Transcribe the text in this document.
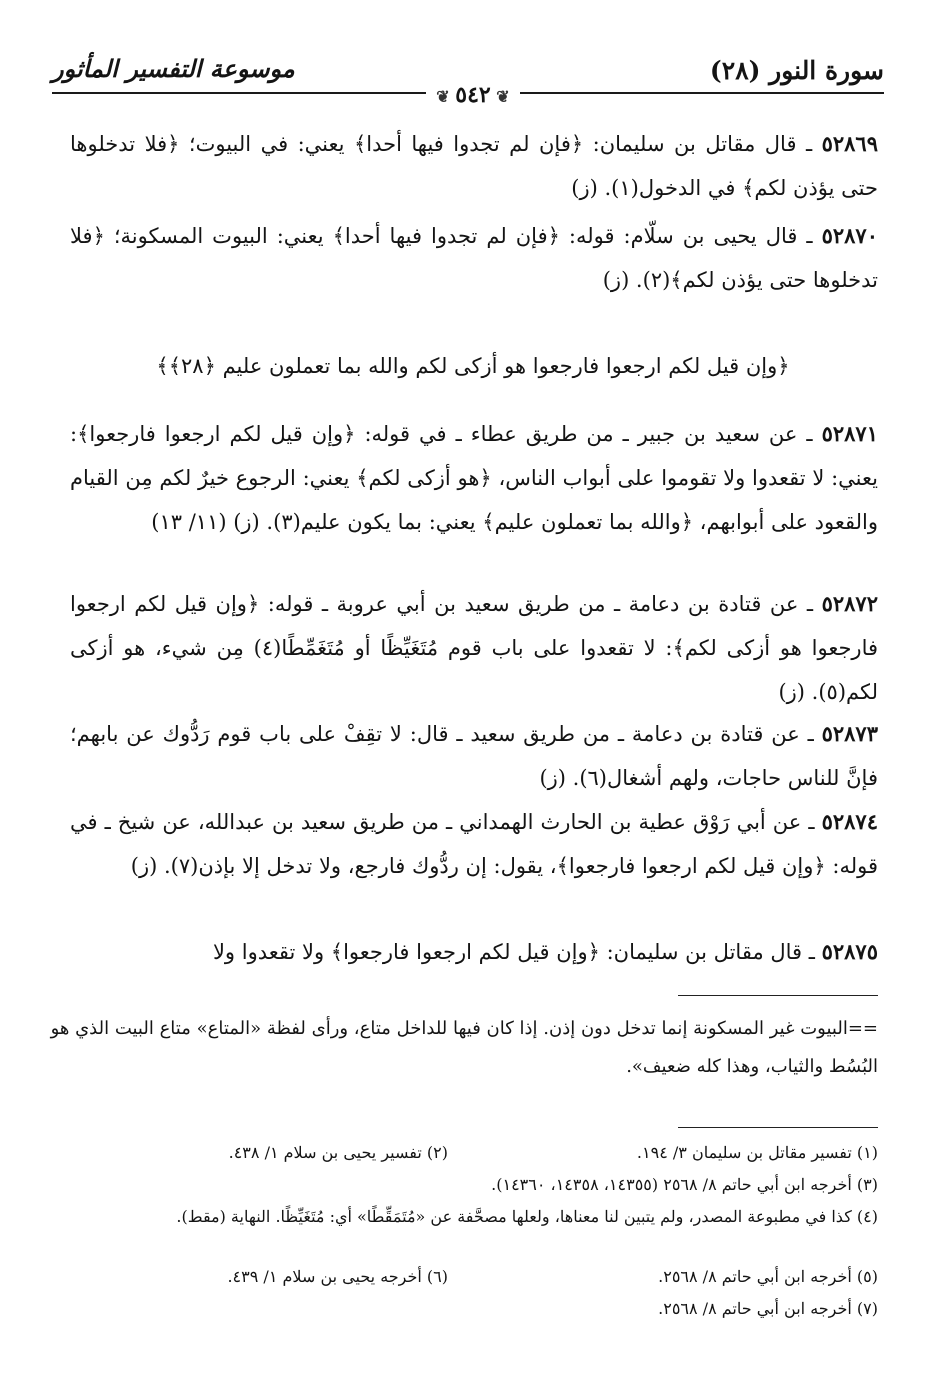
سورة النور (٢٨)
موسوعة التفسير المأثور
❦ ٥٤٢ ❦
٥٢٨٦٩ ـ قال مقاتل بن سليمان: ﴿فإن لم تجدوا فيها أحدا﴾ يعني: في البيوت؛ ﴿فلا تدخلوها حتى يؤذن لكم﴾ في الدخول(١). (ز)
٥٢٨٧٠ ـ قال يحيى بن سلّام: قوله: ﴿فإن لم تجدوا فيها أحدا﴾ يعني: البيوت المسكونة؛ ﴿فلا تدخلوها حتى يؤذن لكم﴾(٢). (ز)
﴿وإن قيل لكم ارجعوا فارجعوا هو أزكى لكم والله بما تعملون عليم ﴿٢٨﴾﴾
٥٢٨٧١ ـ عن سعيد بن جبير ـ من طريق عطاء ـ في قوله: ﴿وإن قيل لكم ارجعوا فارجعوا﴾: يعني: لا تقعدوا ولا تقوموا على أبواب الناس، ﴿هو أزكى لكم﴾ يعني: الرجوع خيرٌ لكم مِن القيام والقعود على أبوابهم، ﴿والله بما تعملون عليم﴾ يعني: بما يكون عليم(٣). (ز) (١١/ ١٣)
٥٢٨٧٢ ـ عن قتادة بن دعامة ـ من طريق سعيد بن أبي عروبة ـ قوله: ﴿وإن قيل لكم ارجعوا فارجعوا هو أزكى لكم﴾: لا تقعدوا على باب قوم مُتَغَيِّظًا أو مُتَغَمِّطًا(٤) مِن شيء، هو أزكى لكم(٥). (ز)
٥٢٨٧٣ ـ عن قتادة بن دعامة ـ من طريق سعيد ـ قال: لا تقِفْ على باب قوم رَدُّوك عن بابهم؛ فإنَّ للناس حاجات، ولهم أشغال(٦). (ز)
٥٢٨٧٤ ـ عن أبي رَوْق عطية بن الحارث الهمداني ـ من طريق سعيد بن عبدالله، عن شيخ ـ في قوله: ﴿وإن قيل لكم ارجعوا فارجعوا﴾، يقول: إن ردُّوك فارجع، ولا تدخل إلا بإذن(٧). (ز)
٥٢٨٧٥ ـ قال مقاتل بن سليمان: ﴿وإن قيل لكم ارجعوا فارجعوا﴾ ولا تقعدوا ولا
==البيوت غير المسكونة إنما تدخل دون إذن. إذا كان فيها للداخل متاع، ورأى لفظة «المتاع» متاع البيت الذي هو البُسُط والثياب، وهذا كله ضعيف».
(١) تفسير مقاتل بن سليمان ٣/ ١٩٤.
(٢) تفسير يحيى بن سلام ١/ ٤٣٨.
(٣) أخرجه ابن أبي حاتم ٨/ ٢٥٦٨ (١٤٣٥٥، ١٤٣٥٨، ١٤٣٦٠).
(٤) كذا في مطبوعة المصدر، ولم يتبين لنا معناها، ولعلها مصحَّفة عن «مُتَمَقِّطًا» أي: مُتَغَيِّظًا. النهاية (مقط).
(٥) أخرجه ابن أبي حاتم ٨/ ٢٥٦٨.
(٦) أخرجه يحيى بن سلام ١/ ٤٣٩.
(٧) أخرجه ابن أبي حاتم ٨/ ٢٥٦٨.
